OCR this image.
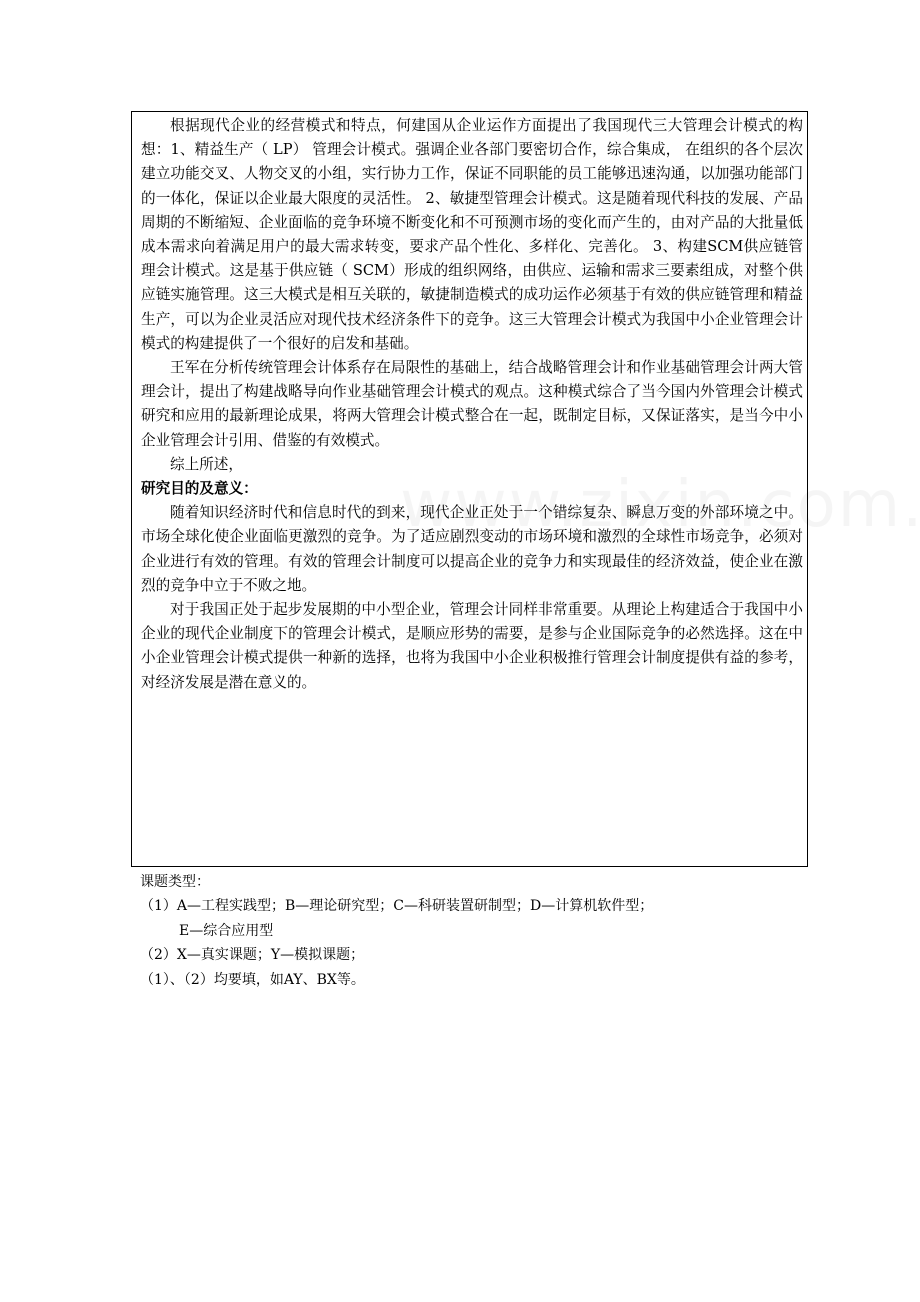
根据现代企业的经营模式和特点，何建国从企业运作方面提出了我国现代三大管理会计模式的构想：1、精益生产（ LP） 管理会计模式。强调企业各部门要密切合作，综合集成， 在组织的各个层次建立功能交叉、人物交叉的小组，实行协力工作，保证不同职能的员工能够迅速沟通，以加强功能部门的一体化，保证以企业最大限度的灵活性。 2、敏捷型管理会计模式。这是随着现代科技的发展、产品周期的不断缩短、企业面临的竞争环境不断变化和不可预测市场的变化而产生的，由对产品的大批量低成本需求向着满足用户的最大需求转变，要求产品个性化、多样化、完善化。 3、构建SCM供应链管理会计模式。这是基于供应链（ SCM）形成的组织网络，由供应、运输和需求三要素组成，对整个供应链实施管理。这三大模式是相互关联的，敏捷制造模式的成功运作必须基于有效的供应链管理和精益生产，可以为企业灵活应对现代技术经济条件下的竞争。这三大管理会计模式为我国中小企业管理会计模式的构建提供了一个很好的启发和基础。

王军在分析传统管理会计体系存在局限性的基础上，结合战略管理会计和作业基础管理会计两大管理会计，提出了构建战略导向作业基础管理会计模式的观点。这种模式综合了当今国内外管理会计模式研究和应用的最新理论成果，将两大管理会计模式整合在一起，既制定目标，又保证落实，是当今中小企业管理会计引用、借鉴的有效模式。

综上所述，

研究目的及意义：

随着知识经济时代和信息时代的到来，现代企业正处于一个错综复杂、瞬息万变的外部环境之中。市场全球化使企业面临更激烈的竞争。为了适应剧烈变动的市场环境和激烈的全球性市场竞争，必须对企业进行有效的管理。有效的管理会计制度可以提高企业的竞争力和实现最佳的经济效益，使企业在激烈的竞争中立于不败之地。

对于我国正处于起步发展期的中小型企业，管理会计同样非常重要。从理论上构建适合于我国中小企业的现代企业制度下的管理会计模式，是顺应形势的需要，是参与企业国际竞争的必然选择。这在中小企业管理会计模式提供一种新的选择，也将为我国中小企业积极推行管理会计制度提供有益的参考，对经济发展是潜在意义的。

课题类型：

（1）A—工程实践型；B—理论研究型；C—科研装置研制型；D—计算机软件型；

E—综合应用型

（2）X—真实课题；Y—模拟课题；

（1）、（2）均要填，如AY、BX等。
